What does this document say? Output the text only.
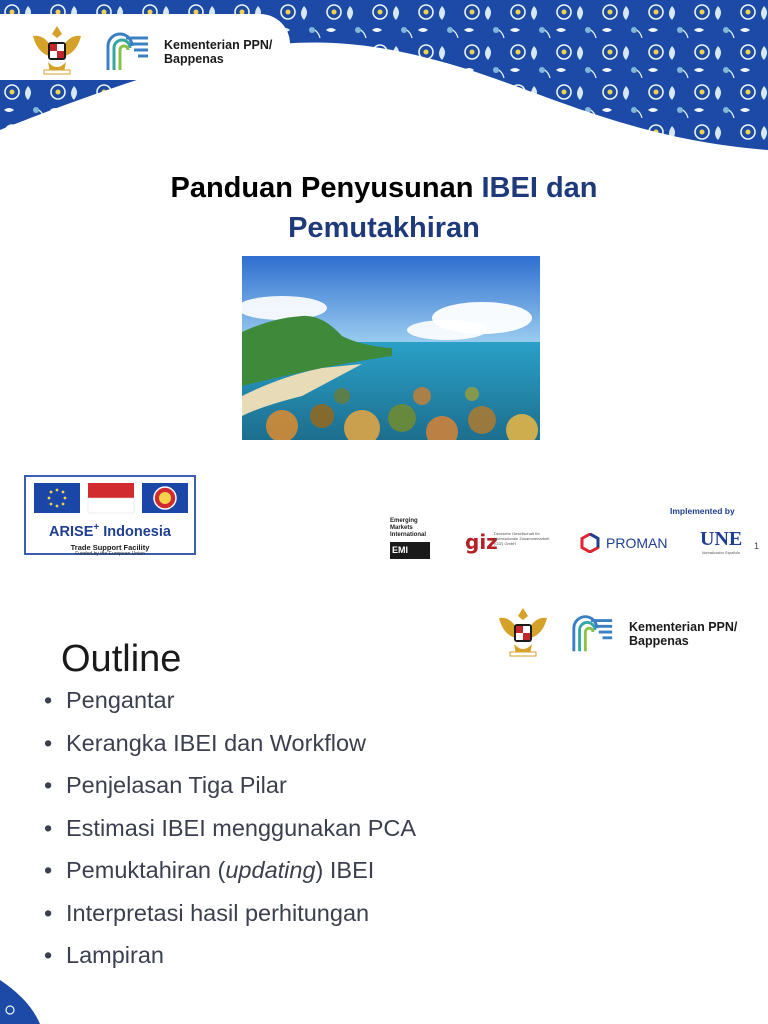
Kementerian PPN/
Bappenas
Panduan Penyusunan IBEI dan
Pemutakhiran
ARISE+ Indonesia
Trade Support Facility
Funded by the European Union
Implemented by
Emerging Markets International
EMI	giz
Deutsche Gesellschaft für Internationale Zusammenarbeit (GIZ) GmbH	PROMAN UNE
Normalización Española
1
Kementerian PPN/
Bappenas
Outline
• Pengantar
• Kerangka IBEI dan Workflow
• Penjelasan Tiga Pilar
• Estimasi IBEI menggunakan PCA
• Pemuktahiran (updating) IBEI
• Interpretasi hasil perhitungan
• Lampiran
